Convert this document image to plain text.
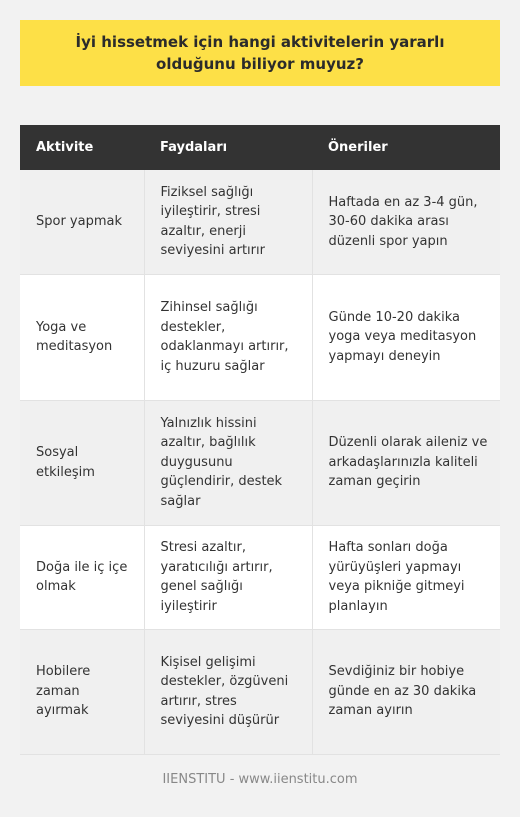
İyi hissetmek için hangi aktivitelerin yararlı olduğunu biliyor muyuz?
Aktivite	Faydaları	Öneriler
Spor yapmak	Fiziksel sağlığı iyileştirir, stresi azaltır, enerji seviyesini artırır	Haftada en az 3-4 gün, 30-60 dakika arası düzenli spor yapın
Yoga ve meditasyon	Zihinsel sağlığı destekler, odaklanmayı artırır, iç huzuru sağlar	Günde 10-20 dakika yoga veya meditasyon yapmayı deneyin
Sosyal etkileşim	Yalnızlık hissini azaltır, bağlılık duygusunu güçlendirir, destek sağlar	Düzenli olarak aileniz ve arkadaşlarınızla kaliteli zaman geçirin
Doğa ile iç içe olmak	Stresi azaltır, yaratıcılığı artırır, genel sağlığı iyileştirir	Hafta sonları doğa yürüyüşleri yapmayı veya pikniğe gitmeyi planlayın
Hobilere zaman ayırmak	Kişisel gelişimi destekler, özgüveni artırır, stres seviyesini düşürür	Sevdiğiniz bir hobiye günde en az 30 dakika zaman ayırın
IIENSTITU - www.iienstitu.com
